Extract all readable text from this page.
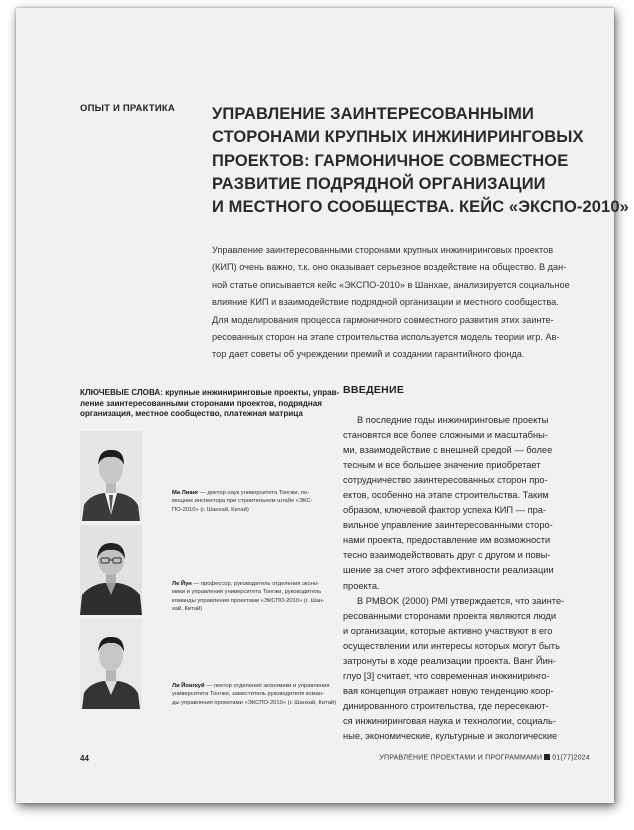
ОПЫТ И ПРАКТИКА УПРАВЛЕНИЕ ЗАИНТЕРЕСОВАННЫМИ
СТОРОНАМИ КРУПНЫХ ИНЖИНИРИНГОВЫХ
ПРОЕКТОВ: ГАРМОНИЧНОЕ СОВМЕСТНОЕ
РАЗВИТИЕ ПОДРЯДНОЙ ОРГАНИЗАЦИИ
И МЕСТНОГО СООБЩЕСТВА. КЕЙС «ЭКСПО-2010»

Управление заинтересованными сторонами крупных инжиниринговых проектов
(КИП) очень важно, т.к. оно оказывает серьезное воздействие на общество. В дан-
ной статье описывается кейс «ЭКСПО-2010» в Шанхае, анализируется социальное
влияние КИП и взаимодействие подрядной организации и местного сообщества.
Для моделирования процесса гармоничного совместного развития этих заинте-
ресованных сторон на этапе строительства используется модель теории игр. Ав-
тор дает советы об учреждении премий и создании гарантийного фонда.

КЛЮЧЕВЫЕ СЛОВА: крупные инжиниринговые проекты, управ-
ление заинтересованными сторонами проектов, подрядная
организация, местное сообщество, платежная матрица

Ма Лианг — доктор наук университета Тонгжи, по-
мощник инспектора при строительном штабе «ЭКС-
ПО-2010» (г. Шанхай, Китай)

Ле Йун — профессор, руководитель отделения эконо-
мики и управления университета Тонгжи, руководитель
команды управления проектами «ЭКСПО-2010» (г. Шан-
хай, Китай)

Ли Йонгкуй — лектор отделения экономики и управления
университета Тонгжи, заместитель руководителя коман-
ды управления проектами «ЭКСПО-2010» (г. Шанхай, Китай)

ВВЕДЕНИЕ

В последние годы инжиниринговые проекты
становятся все более сложными и масштабны-
ми, взаимодействие с внешней средой — более
тесным и все большее значение приобретает
сотрудничество заинтересованных сторон про-
ектов, особенно на этапе строительства. Таким
образом, ключевой фактор успеха КИП — пра-
вильное управление заинтересованными сторо-
нами проекта, предоставление им возможности
тесно взаимодействовать друг с другом и повы-
шение за счет этого эффективности реализации
проекта.
В PMBOK (2000) PMI утверждается, что заинте-
ресованными сторонами проекта являются люди
и организации, которые активно участвуют в его
осуществлении или интересы которых могут быть
затронуты в ходе реализации проекта. Ванг Йин-
глуо [3] считает, что современная инжиниринго-
вая концепция отражает новую тенденцию коор-
динированного строительства, где пересекают-
ся инжиниринговая наука и технологии, социаль-
ные, экономические, культурные и экологические

44	УПРАВЛЕНИЕ ПРОЕКТАМИ И ПРОГРАММАМИ 01(77)2024
